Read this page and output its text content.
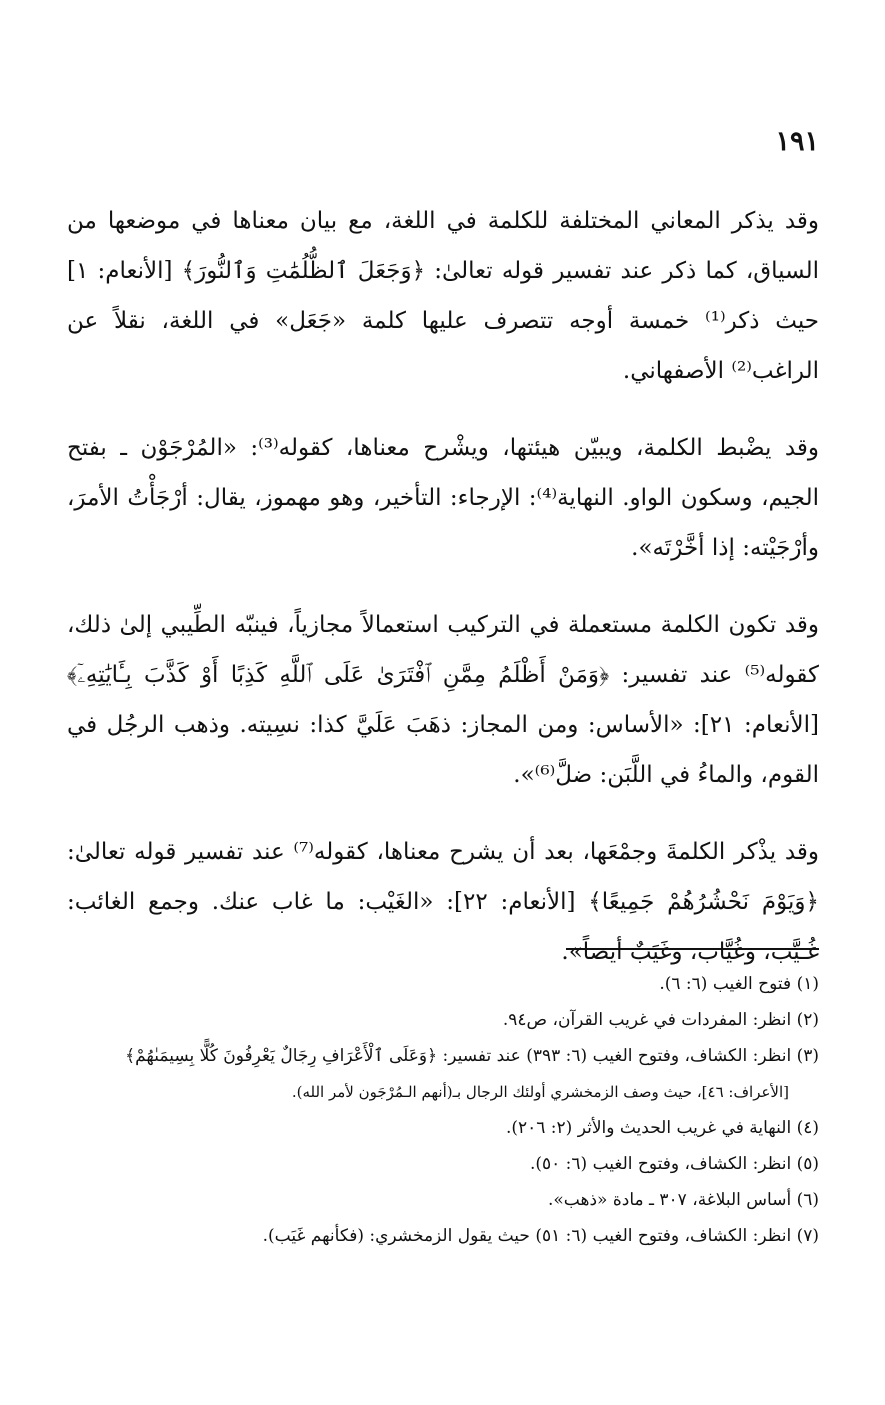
١٩١

وقد يذكر المعاني المختلفة للكلمة في اللغة، مع بيان معناها في موضعها من السياق، كما ذكر عند تفسير قوله تعالىٰ: ﴿وَجَعَلَ ٱلظُّلُمَٰتِ وَٱلنُّورَ﴾ [الأنعام: ١] حيث ذكر⁽¹⁾ خمسة أوجه تتصرف عليها كلمة «جَعَل» في اللغة، نقلاً عن الراغب⁽²⁾ الأصفهاني.

وقد يضْبط الكلمة، ويبيّن هيئتها، ويشْرح معناها، كقوله⁽³⁾: «المُرْجَوْن ـ بفتح الجيم، وسكون الواو. النهاية⁽⁴⁾: الإرجاء: التأخير، وهو مهموز، يقال: أرْجَأْتُ الأمرَ، وأرْجَيْته: إذا أخَّرْتَه».

وقد تكون الكلمة مستعملة في التركيب استعمالاً مجازياً، فينبّه الطِّيبي إلىٰ ذلك، كقوله⁽⁵⁾ عند تفسير: ﴿وَمَنْ أَظْلَمُ مِمَّنِ ٱفْتَرَىٰ عَلَى ٱللَّهِ كَذِبًا أَوْ كَذَّبَ بِـَٔايَٰتِهِۦٓ﴾ [الأنعام: ٢١]: «الأساس: ومن المجاز: ذهَبَ عَلَيَّ كذا: نسِيته. وذهب الرجُل في القوم، والماءُ في اللَّبَن: ضلَّ⁽⁶⁾».

وقد يذْكر الكلمةَ وجمْعَها، بعد أن يشرح معناها، كقوله⁽⁷⁾ عند تفسير قوله تعالىٰ: ﴿وَيَوْمَ نَحْشُرُهُمْ جَمِيعًا﴾ [الأنعام: ٢٢]: «الغَيْب: ما غاب عنك. وجمع الغائب: غُـيَّب، وغُيَّاب، وغَيَبٌ أيضاً».

(١) فتوح الغيب (٦: ٦).

(٢) انظر: المفردات في غريب القرآن، ص٩٤.

(٣) انظر: الكشاف، وفتوح الغيب (٦: ٣٩٣) عند تفسير: ﴿وَعَلَى ٱلْأَعْرَافِ رِجَالٌ يَعْرِفُونَ كُلًّا بِسِيمَىٰهُمْ﴾

[الأعراف: ٤٦]، حيث وصف الزمخشري أولئك الرجال بـ(أنهم الـمُرْجَون لأمر الله).

(٤) النهاية في غريب الحديث والأثر (٢: ٢٠٦).

(٥) انظر: الكشاف، وفتوح الغيب (٦: ٥٠).

(٦) أساس البلاغة، ٣٠٧ ـ مادة «ذهب».

(٧) انظر: الكشاف، وفتوح الغيب (٦: ٥١) حيث يقول الزمخشري: (فكأنهم غَيَب).
